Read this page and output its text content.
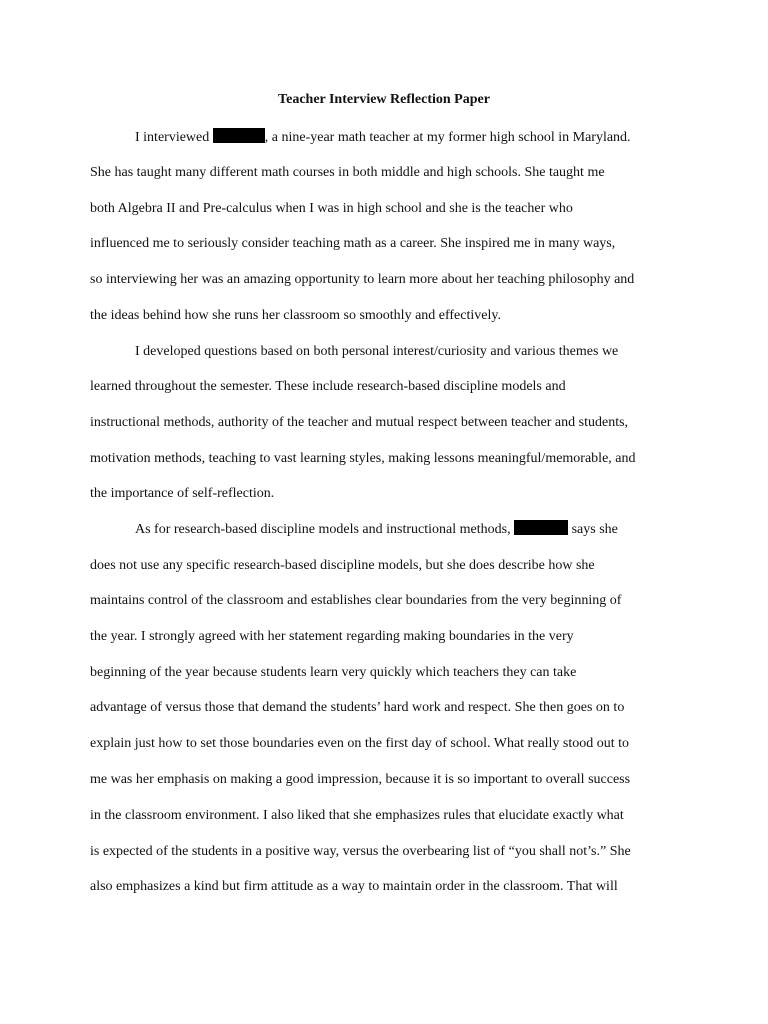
Teacher Interview Reflection Paper
I interviewed	, a nine-year math teacher at my former high school in Maryland.
She has taught many different math courses in both middle and high schools. She taught me
both Algebra II and Pre-calculus when I was in high school and she is the teacher who
influenced me to seriously consider teaching math as a career. She inspired me in many ways,
so interviewing her was an amazing opportunity to learn more about her teaching philosophy and
the ideas behind how she runs her classroom so smoothly and effectively.
I developed questions based on both personal interest/curiosity and various themes we
learned throughout the semester. These include research-based discipline models and
instructional methods, authority of the teacher and mutual respect between teacher and students,
motivation methods, teaching to vast learning styles, making lessons meaningful/memorable, and
the importance of self-reflection.
As for research-based discipline models and instructional methods,	says she
does not use any specific research-based discipline models, but she does describe how she
maintains control of the classroom and establishes clear boundaries from the very beginning of
the year. I strongly agreed with her statement regarding making boundaries in the very
beginning of the year because students learn very quickly which teachers they can take
advantage of versus those that demand the students’ hard work and respect. She then goes on to
explain just how to set those boundaries even on the first day of school. What really stood out to
me was her emphasis on making a good impression, because it is so important to overall success
in the classroom environment. I also liked that she emphasizes rules that elucidate exactly what
is expected of the students in a positive way, versus the overbearing list of “you shall not’s.” She
also emphasizes a kind but firm attitude as a way to maintain order in the classroom. That will
